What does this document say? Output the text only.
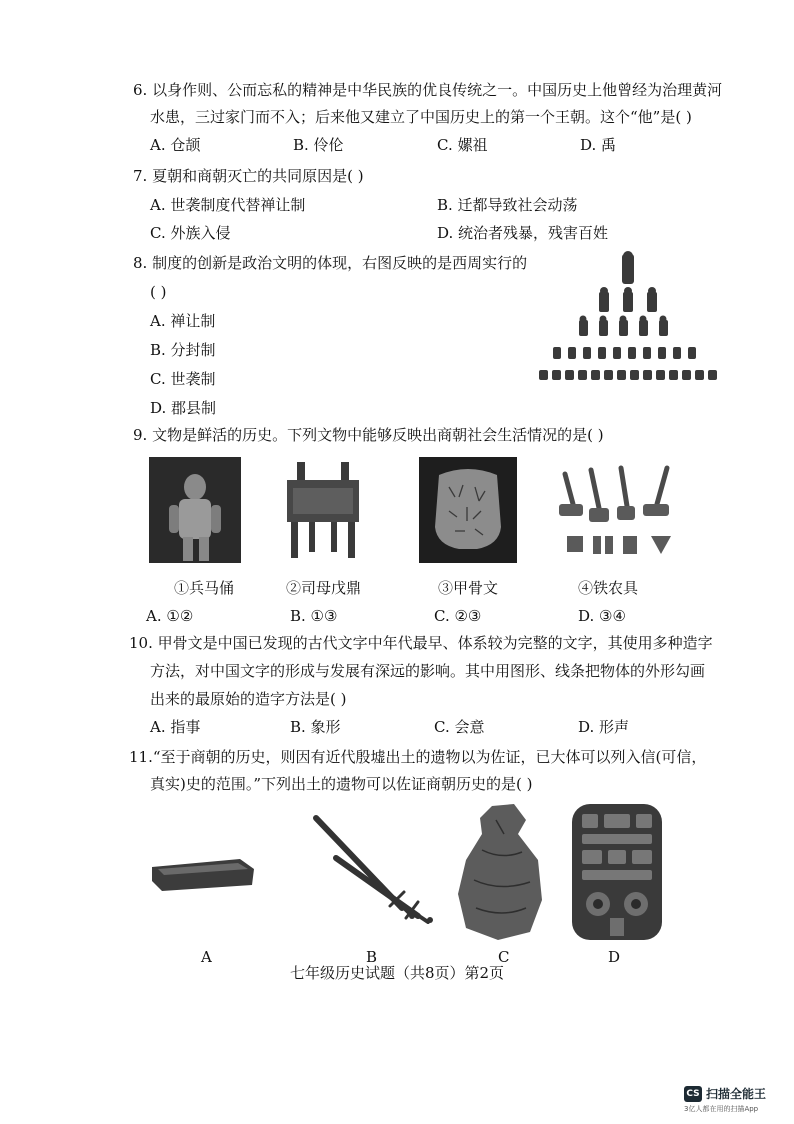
6. 以身作则、公而忘私的精神是中华民族的优良传统之一。中国历史上他曾经为治理黄河
水患，三过家门而不入；后来他又建立了中国历史上的第一个王朝。这个“他”是( )
A. 仓颉	B. 伶伦	C. 嫘祖	D. 禹
7. 夏朝和商朝灭亡的共同原因是( )
A. 世袭制度代替禅让制	B. 迁都导致社会动荡
C. 外族入侵	D. 统治者残暴，残害百姓
8. 制度的创新是政治文明的体现，右图反映的是西周实行的
( )
A. 禅让制
B. 分封制
C. 世袭制
D. 郡县制
9. 文物是鲜活的历史。下列文物中能够反映出商朝社会生活情况的是( )
①兵马俑	②司母戊鼎	③甲骨文	④铁农具
A. ①②	B. ①③	C. ②③	D. ③④
10. 甲骨文是中国已发现的古代文字中年代最早、体系较为完整的文字，其使用多种造字
方法，对中国文字的形成与发展有深远的影响。其中用图形、线条把物体的外形勾画
出来的最原始的造字方法是( )
A. 指事	B. 象形	C. 会意	D. 形声
11.“至于商朝的历史，则因有近代殷墟出土的遗物以为佐证，已大体可以列入信(可信，
真实)史的范围。”下列出土的遗物可以佐证商朝历史的是( )
A	B	C	D
七年级历史试题（共8页）第2页
CS 扫描全能王
3亿人都在用的扫描App
